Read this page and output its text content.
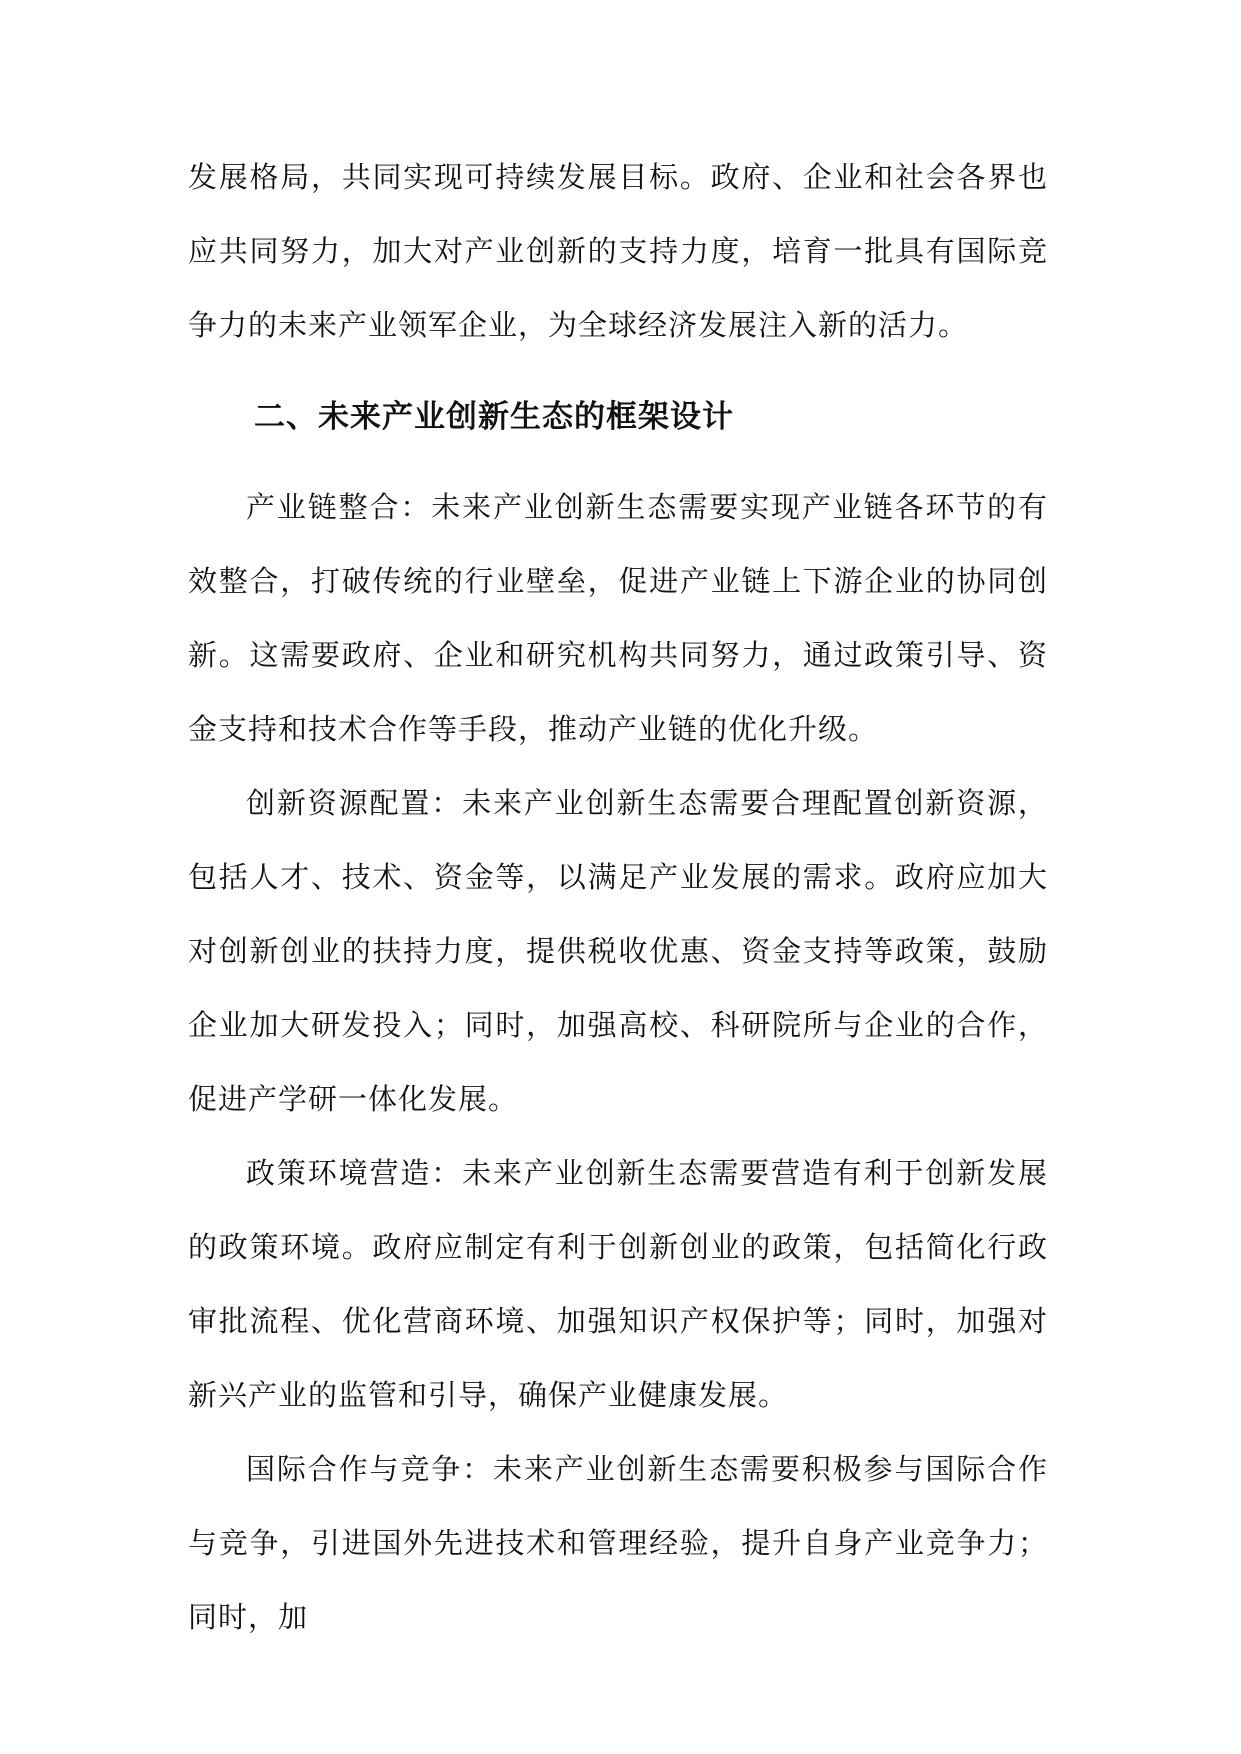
发展格局，共同实现可持续发展目标。政府、企业和社会各界也应共同努力，加大对产业创新的支持力度，培育一批具有国际竞争力的未来产业领军企业，为全球经济发展注入新的活力。

二、未来产业创新生态的框架设计

产业链整合：未来产业创新生态需要实现产业链各环节的有效整合，打破传统的行业壁垒，促进产业链上下游企业的协同创新。这需要政府、企业和研究机构共同努力，通过政策引导、资金支持和技术合作等手段，推动产业链的优化升级。

创新资源配置：未来产业创新生态需要合理配置创新资源，包括人才、技术、资金等，以满足产业发展的需求。政府应加大对创新创业的扶持力度，提供税收优惠、资金支持等政策，鼓励企业加大研发投入；同时，加强高校、科研院所与企业的合作，促进产学研一体化发展。

政策环境营造：未来产业创新生态需要营造有利于创新发展的政策环境。政府应制定有利于创新创业的政策，包括简化行政审批流程、优化营商环境、加强知识产权保护等；同时，加强对新兴产业的监管和引导，确保产业健康发展。

国际合作与竞争：未来产业创新生态需要积极参与国际合作与竞争，引进国外先进技术和管理经验，提升自身产业竞争力；同时，加
